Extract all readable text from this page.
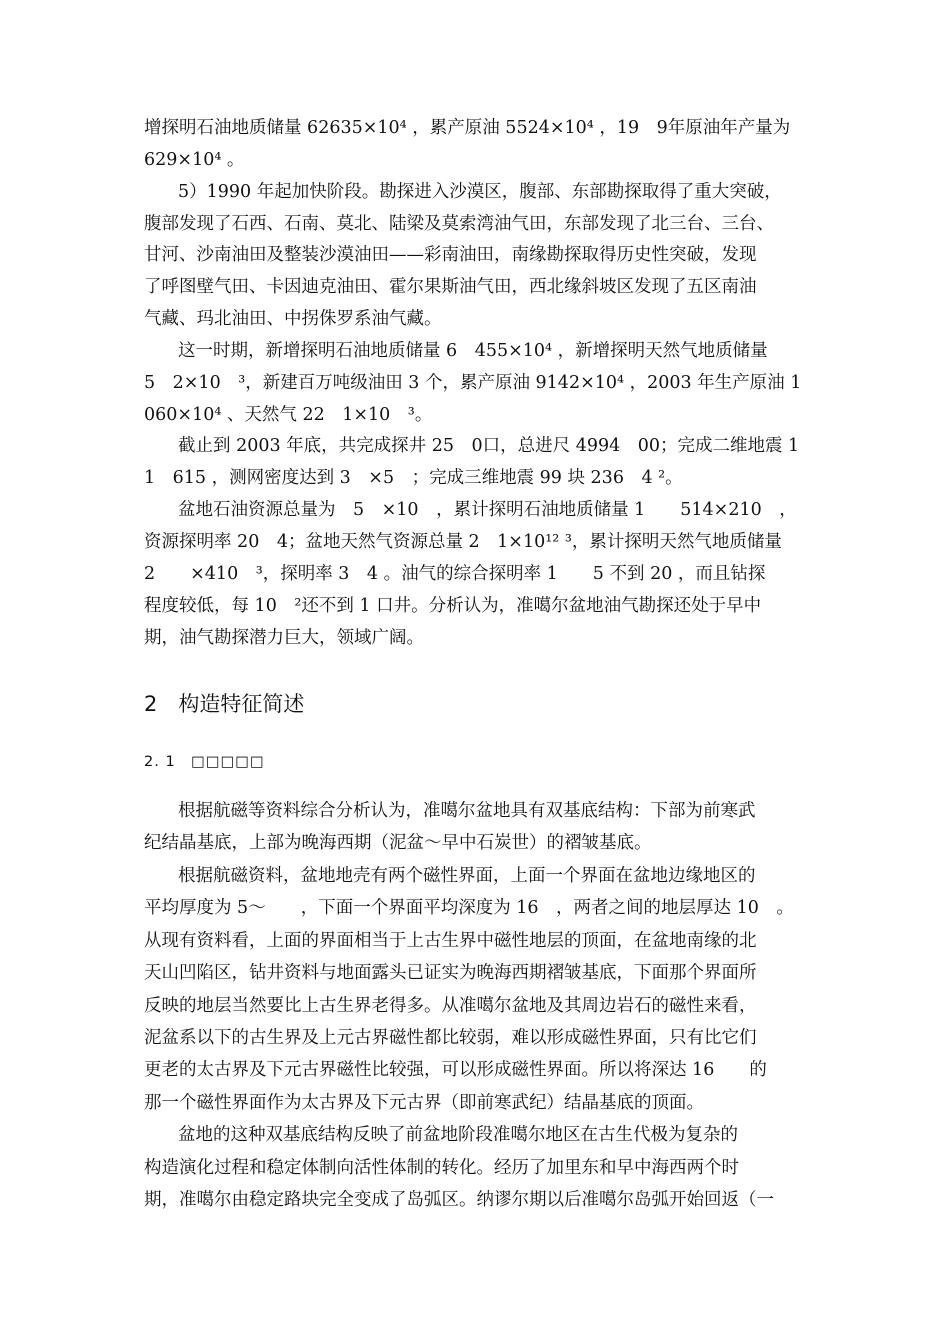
增探明石油地质储量 62635×10⁴ ，累产原油 5524×10⁴ ，19　9年原油年产量为
629×10⁴ 。
5）1990 年起加快阶段。勘探进入沙漠区，腹部、东部勘探取得了重大突破，
腹部发现了石西、石南、莫北、陆梁及莫索湾油气田，东部发现了北三台、三台、
甘河、沙南油田及整装沙漠油田——彩南油田，南缘勘探取得历史性突破，发现
了呼图壁气田、卡因迪克油田、霍尔果斯油气田，西北缘斜坡区发现了五区南油
气藏、玛北油田、中拐侏罗系油气藏。
这一时期，新增探明石油地质储量 6　455×10⁴ ，新增探明天然气地质储量
5　2×10　³，新建百万吨级油田 3 个，累产原油 9142×10⁴ ，2003 年生产原油 1
060×10⁴ 、天然气 22　1×10　³。
截止到 2003 年底，共完成探井 25　0口，总进尺 4994　00；完成二维地震 1
1　615 ，测网密度达到 3　×5　；完成三维地震 99 块 236　4 ²。
盆地石油资源总量为　5　×10　，累计探明石油地质储量 1　　514×210　，
资源探明率 20　4；盆地天然气资源总量 2　1×10¹² ³，累计探明天然气地质储量
2　　×410　³，探明率 3　4 。油气的综合探明率 1　　5 不到 20 ，而且钻探
程度较低，每 10　²还不到 1 口井。分析认为，准噶尔盆地油气勘探还处于早中
期，油气勘探潜力巨大，领域广阔。
2　构造特征简述
2. 1　□□□□□
根据航磁等资料综合分析认为，准噶尔盆地具有双基底结构：下部为前寒武
纪结晶基底，上部为晚海西期（泥盆～早中石炭世）的褶皱基底。
根据航磁资料，盆地地壳有两个磁性界面，上面一个界面在盆地边缘地区的
平均厚度为 5～　　，下面一个界面平均深度为 16　，两者之间的地层厚达 10　。
从现有资料看，上面的界面相当于上古生界中磁性地层的顶面，在盆地南缘的北
天山凹陷区，钻井资料与地面露头已证实为晚海西期褶皱基底，下面那个界面所
反映的地层当然要比上古生界老得多。从准噶尔盆地及其周边岩石的磁性来看，
泥盆系以下的古生界及上元古界磁性都比较弱，难以形成磁性界面，只有比它们
更老的太古界及下元古界磁性比较强，可以形成磁性界面。所以将深达 16　　的
那一个磁性界面作为太古界及下元古界（即前寒武纪）结晶基底的顶面。
盆地的这种双基底结构反映了前盆地阶段准噶尔地区在古生代极为复杂的
构造演化过程和稳定体制向活性体制的转化。经历了加里东和早中海西两个时
期，准噶尔由稳定路块完全变成了岛弧区。纳谬尔期以后准噶尔岛弧开始回返（一
